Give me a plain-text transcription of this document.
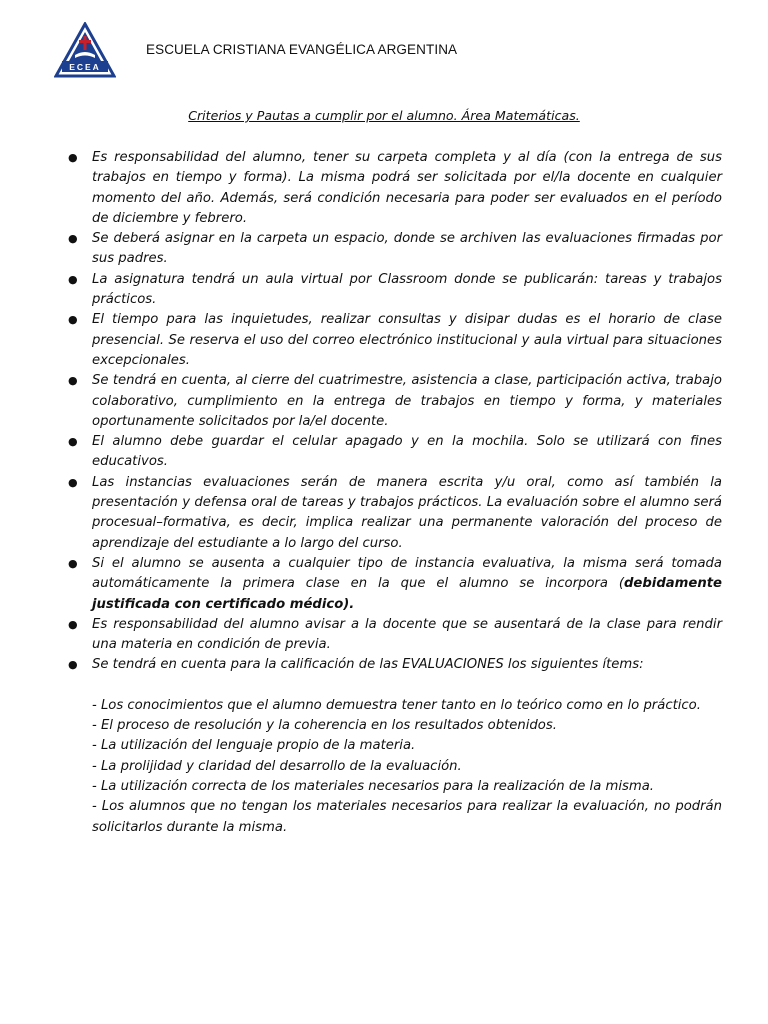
ECEA
ESCUELA CRISTIANA EVANGÉLICA ARGENTINA
Criterios y Pautas a cumplir por el alumno. Área Matemáticas.
● Es responsabilidad del alumno, tener su carpeta completa y al día (con la entrega de sus trabajos en tiempo y forma). La misma podrá ser solicitada por el/la docente en cualquier momento del año. Además, será condición necesaria para poder ser evaluados en el período de diciembre y febrero.
● Se deberá asignar en la carpeta un espacio, donde se archiven las evaluaciones firmadas por sus padres.
● La asignatura tendrá un aula virtual por Classroom donde se publicarán: tareas y trabajos prácticos.
● El tiempo para las inquietudes, realizar consultas y disipar dudas es el horario de clase presencial. Se reserva el uso del correo electrónico institucional y aula virtual para situaciones excepcionales.
● Se tendrá en cuenta, al cierre del cuatrimestre, asistencia a clase, participación activa, trabajo colaborativo, cumplimiento en la entrega de trabajos en tiempo y forma, y materiales oportunamente solicitados por la/el docente.
● El alumno debe guardar el celular apagado y en la mochila. Solo se utilizará con fines educativos.
● Las instancias evaluaciones serán de manera escrita y/u oral, como así también la presentación y defensa oral de tareas y trabajos prácticos. La evaluación sobre el alumno será procesual–formativa, es decir, implica realizar una permanente valoración del proceso de aprendizaje del estudiante a lo largo del curso.
● Si el alumno se ausenta a cualquier tipo de instancia evaluativa, la misma será tomada automáticamente la primera clase en la que el alumno se incorpora (debidamente justificada con certificado médico).
● Es responsabilidad del alumno avisar a la docente que se ausentará de la clase para rendir una materia en condición de previa.
● Se tendrá en cuenta para la calificación de las EVALUACIONES los siguientes ítems:

- Los conocimientos que el alumno demuestra tener tanto en lo teórico como en lo práctico.

- El proceso de resolución y la coherencia en los resultados obtenidos.

- La utilización del lenguaje propio de la materia.

- La prolijidad y claridad del desarrollo de la evaluación.

- La utilización correcta de los materiales necesarios para la realización de la misma.

- Los alumnos que no tengan los materiales necesarios para realizar la evaluación, no podrán solicitarlos durante la misma.
